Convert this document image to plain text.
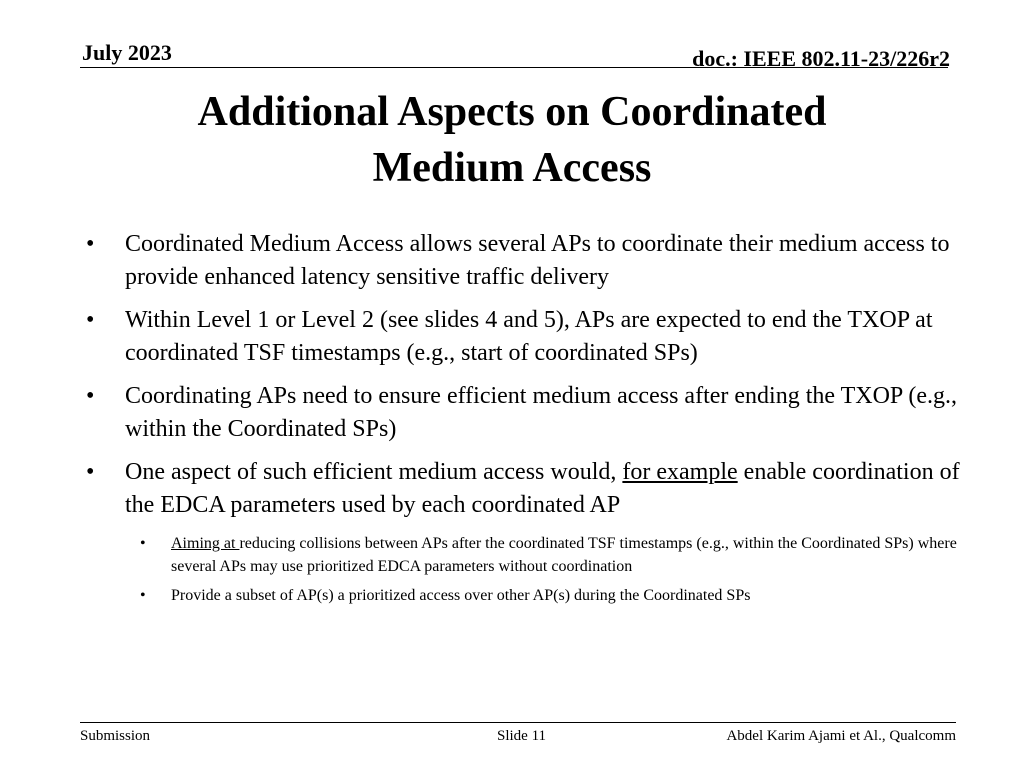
July 2023	doc.: IEEE 802.11-23/226r2
Additional Aspects on Coordinated
Medium Access
• Coordinated Medium Access allows several APs to coordinate their medium access to provide enhanced latency sensitive traffic delivery
• Within Level 1 or Level 2 (see slides 4 and 5), APs are expected to end the TXOP at coordinated TSF timestamps (e.g., start of coordinated SPs)
• Coordinating APs need to ensure efficient medium access after ending the TXOP (e.g., within the Coordinated SPs)
• One aspect of such efficient medium access would, for example enable coordination of the EDCA parameters used by each coordinated AP
• Aiming at reducing collisions between APs after the coordinated TSF timestamps (e.g., within the Coordinated SPs) where several APs may use prioritized EDCA parameters without coordination
• Provide a subset of AP(s) a prioritized access over other AP(s) during the Coordinated SPs
Submission	Slide 11	Abdel Karim Ajami et Al., Qualcomm
